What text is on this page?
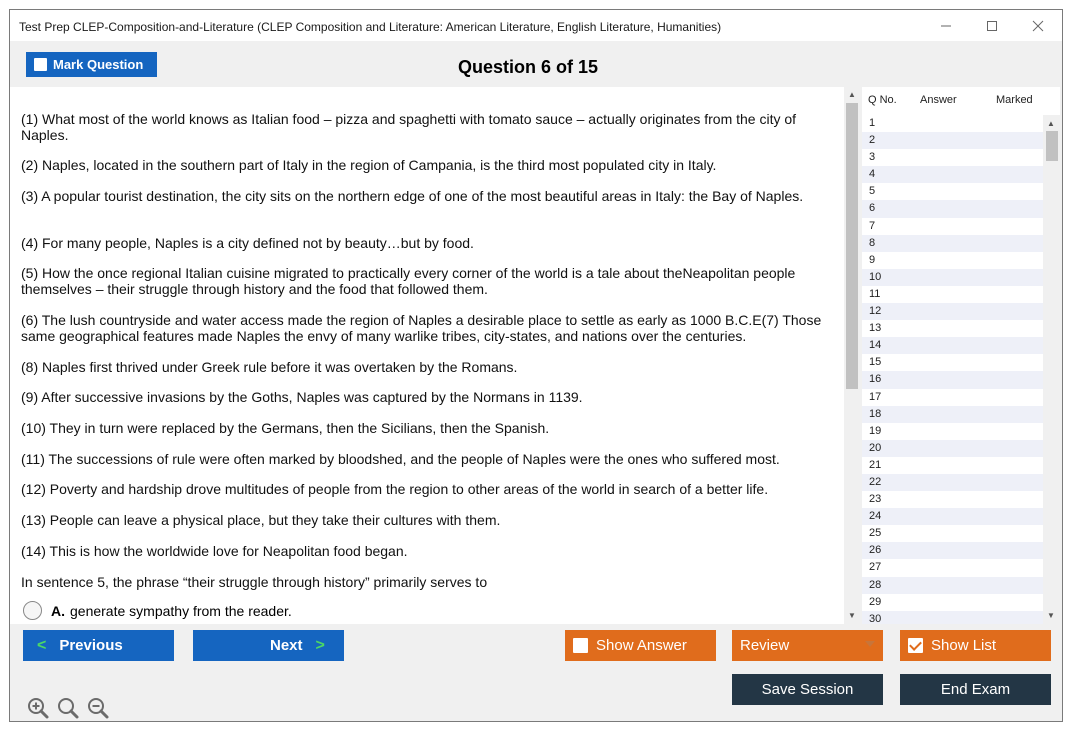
Test Prep CLEP-Composition-and-Literature (CLEP Composition and Literature: American Literature, English Literature, Humanities)
Mark Question	Question 6 of 15
(1) What most of the world knows as Italian food – pizza and spaghetti with tomato sauce – actually originates from the city of Naples.
(2) Naples, located in the southern part of Italy in the region of Campania, is the third most populated city in Italy.
(3) A popular tourist destination, the city sits on the northern edge of one of the most beautiful areas in Italy: the Bay of Naples.
(4) For many people, Naples is a city defined not by beauty…but by food.
(5) How the once regional Italian cuisine migrated to practically every corner of the world is a tale about theNeapolitan people themselves – their struggle through history and the food that followed them.
(6) The lush countryside and water access made the region of Naples a desirable place to settle as early as 1000 B.C.E(7) Those same geographical features made Naples the envy of many warlike tribes, city-states, and nations over the centuries.
(8) Naples first thrived under Greek rule before it was overtaken by the Romans.
(9) After successive invasions by the Goths, Naples was captured by the Normans in 1139.
(10) They in turn were replaced by the Germans, then the Sicilians, then the Spanish.
(11) The successions of rule were often marked by bloodshed, and the people of Naples were the ones who suffered most.
(12) Poverty and hardship drove multitudes of people from the region to other areas of the world in search of a better life.
(13) People can leave a physical place, but they take their cultures with them.
(14) This is how the worldwide love for Neapolitan food began.
In sentence 5, the phrase “their struggle through history” primarily serves to
A. generate sympathy from the reader.
▲
▼
Q No. Answer	Marked
1
2
3
4
5
6
7
8
9
10
11
12
13
14
15
16
17
18
19
20
21
22
23
24
25
26
27
28
29
30
▲
▼
< Previous	Next >	Show Answer	Review	Show List
Save Session	End Exam
